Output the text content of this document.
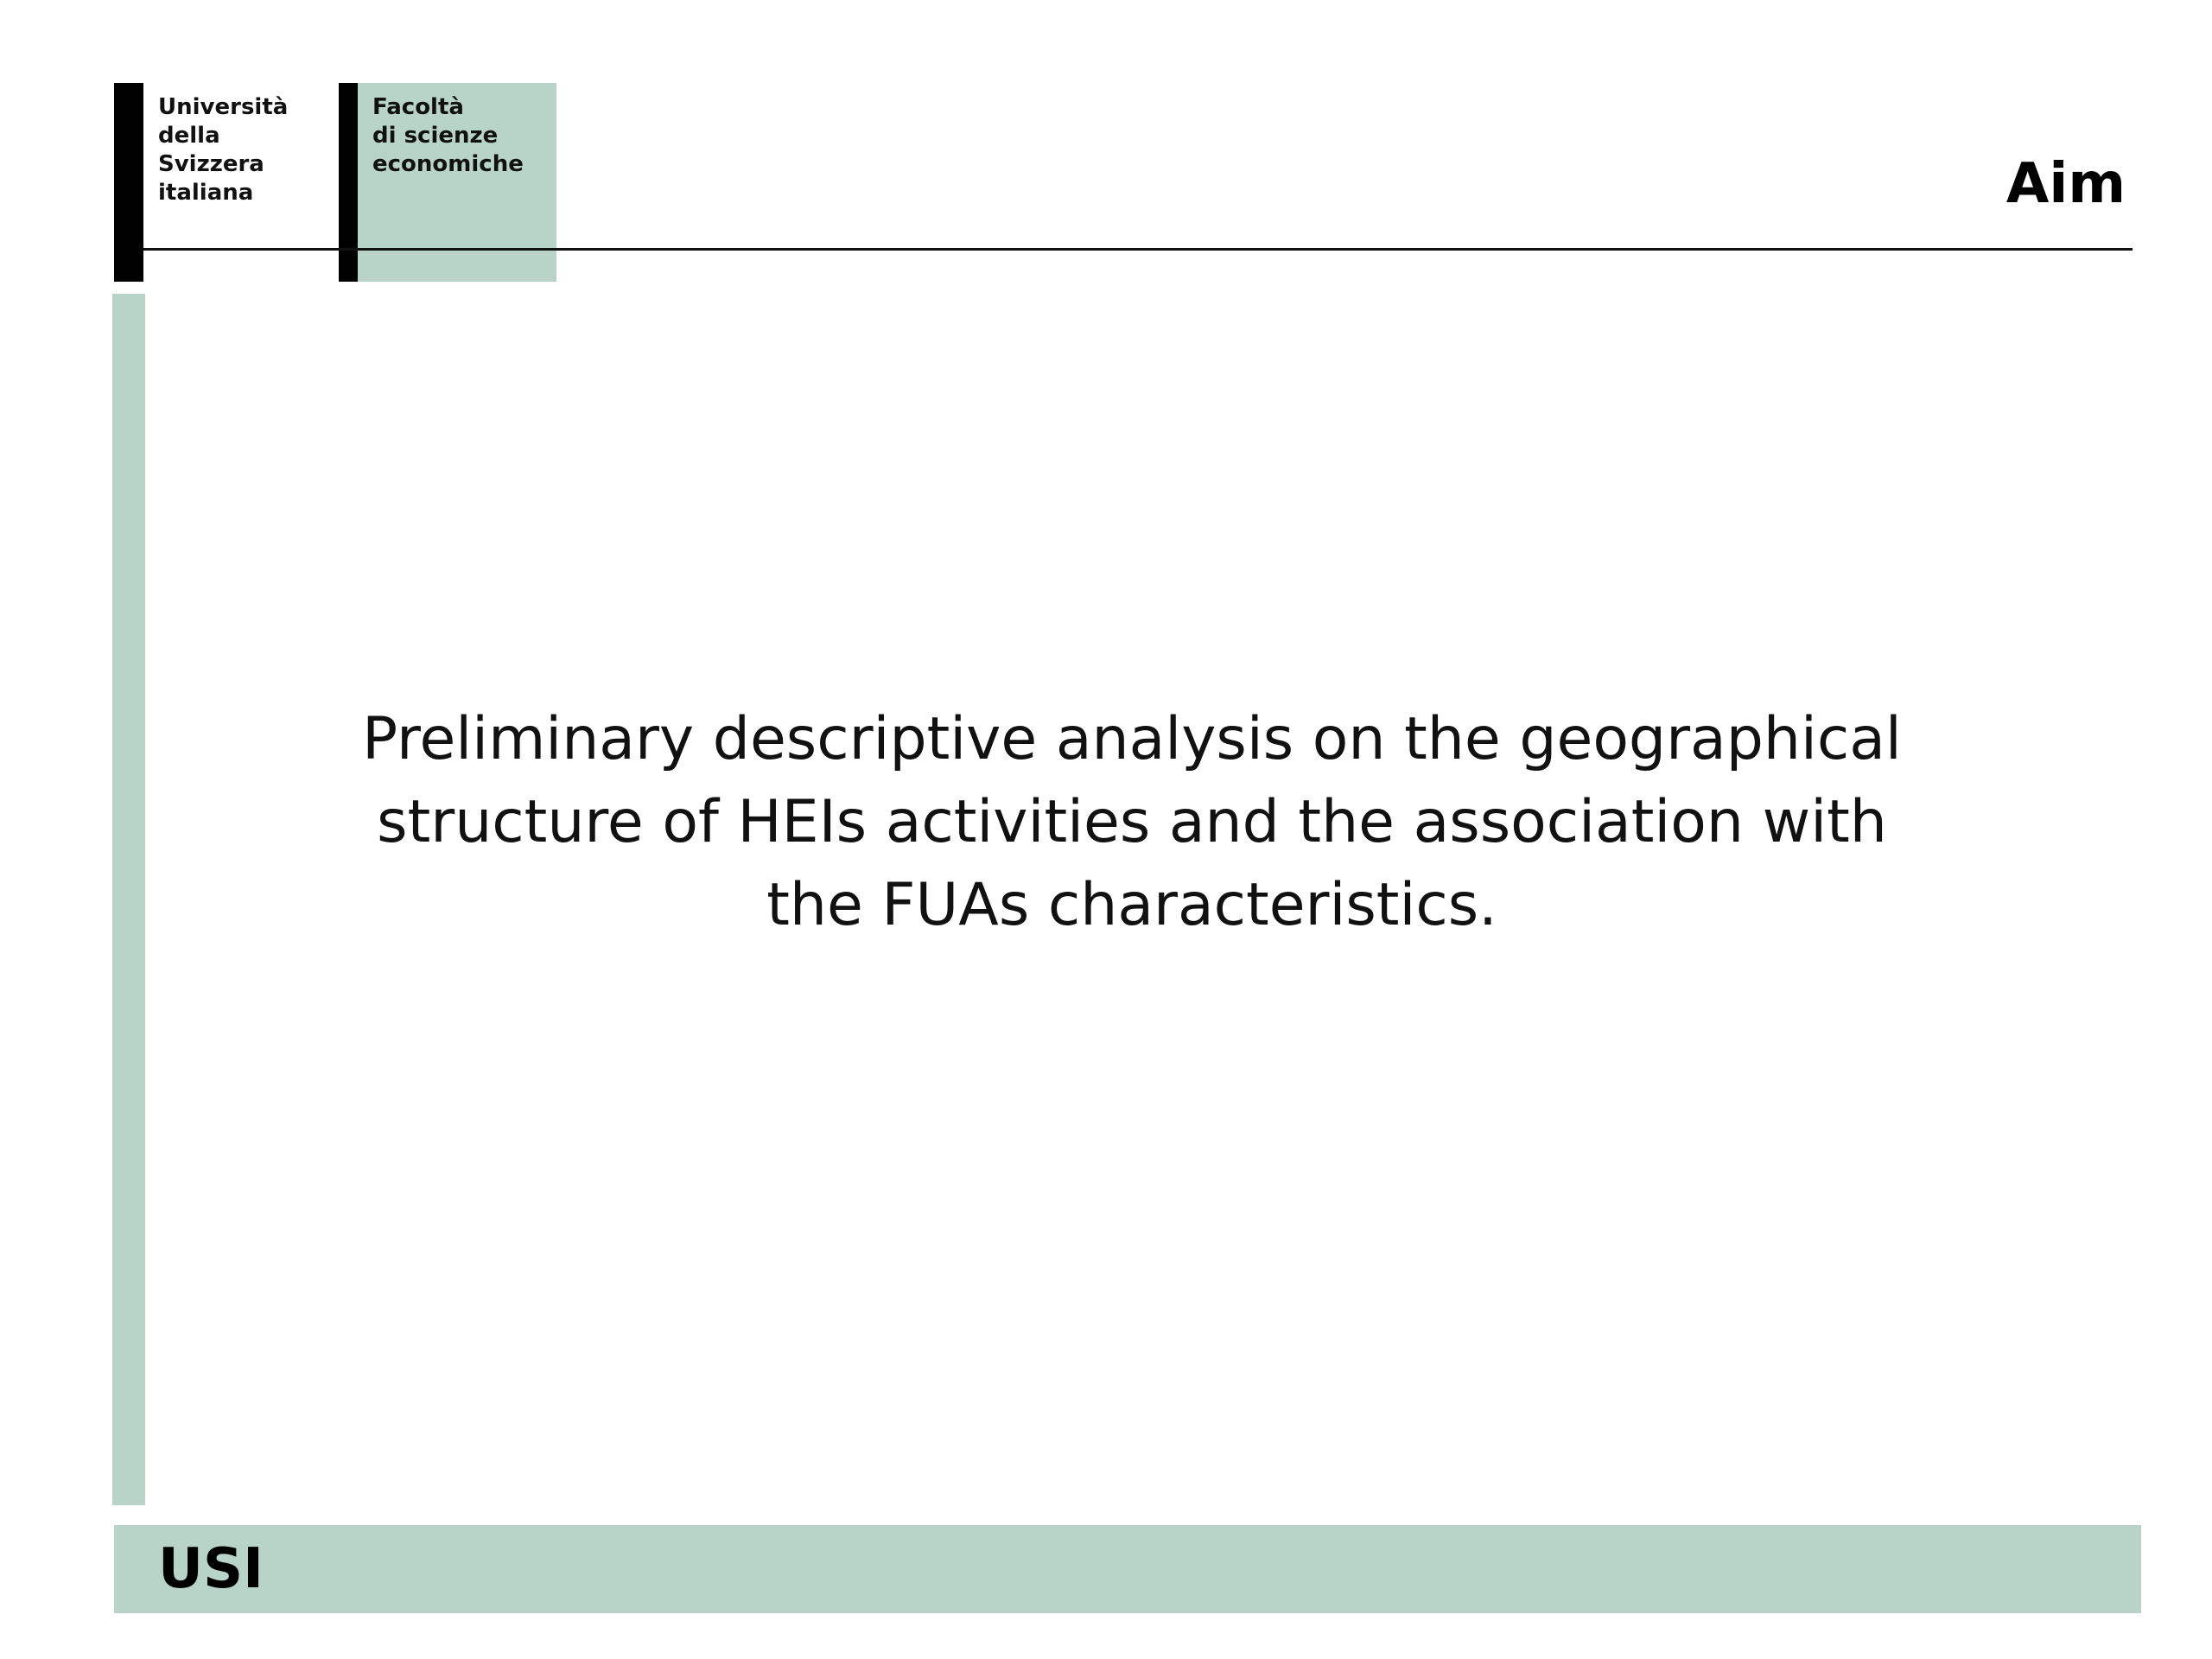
Università
della
Svizzera
italiana
Facoltà
di scienze
economiche	Aim
Preliminary descriptive analysis on the geographical
structure of HEIs activities and the association with
the FUAs characteristics.
USI
